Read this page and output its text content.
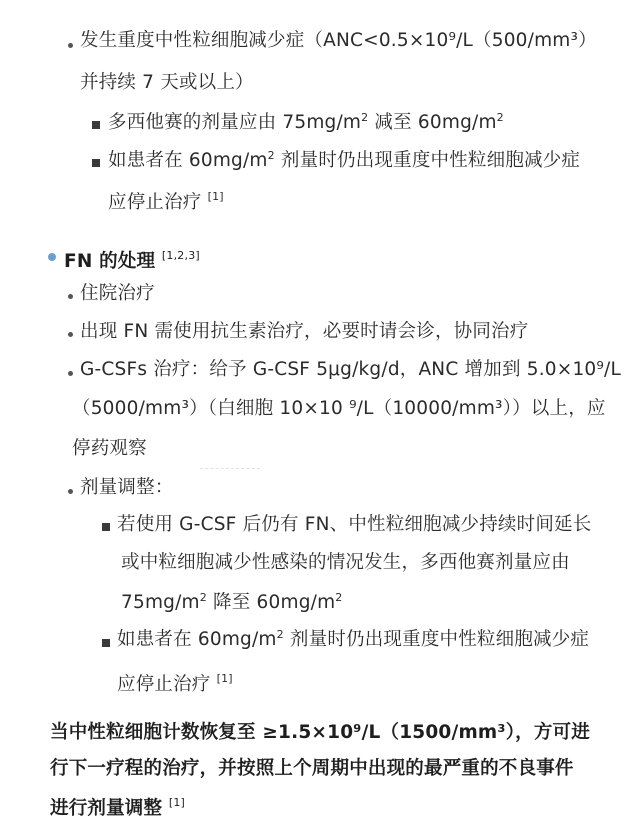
发生重度中性粒细胞减少症（ANC<0.5×10⁹/L（500/mm³）
并持续 7 天或以上）
多西他赛的剂量应由 $75mg/m^2$ 减至 $60mg/m^2$
如患者在 $60mg/m^2$ 剂量时仍出现重度中性粒细胞减少症
应停止治疗 [1]
FN 的处理 [1,2,3]
住院治疗
出现 FN 需使用抗生素治疗，必要时请会诊，协同治疗
G-CSFs 治疗：给予 G-CSF 5μg/kg/d，ANC 增加到 5.0×10⁹/L
（5000/mm³）（白细胞 10×10 ⁹/L（10000/mm³））以上，应
停药观察
剂量调整：
若使用 G-CSF 后仍有 FN、中性粒细胞减少持续时间延长
或中粒细胞减少性感染的情况发生，多西他赛剂量应由
$75mg/m^2$ 降至 $60mg/m^2$
如患者在 $60mg/m^2$ 剂量时仍出现重度中性粒细胞减少症
应停止治疗 [1]
当中性粒细胞计数恢复至 ≥1.5×10⁹/L（1500/mm³），方可进
行下一疗程的治疗，并按照上个周期中出现的最严重的不良事件
进行剂量调整 [1]
